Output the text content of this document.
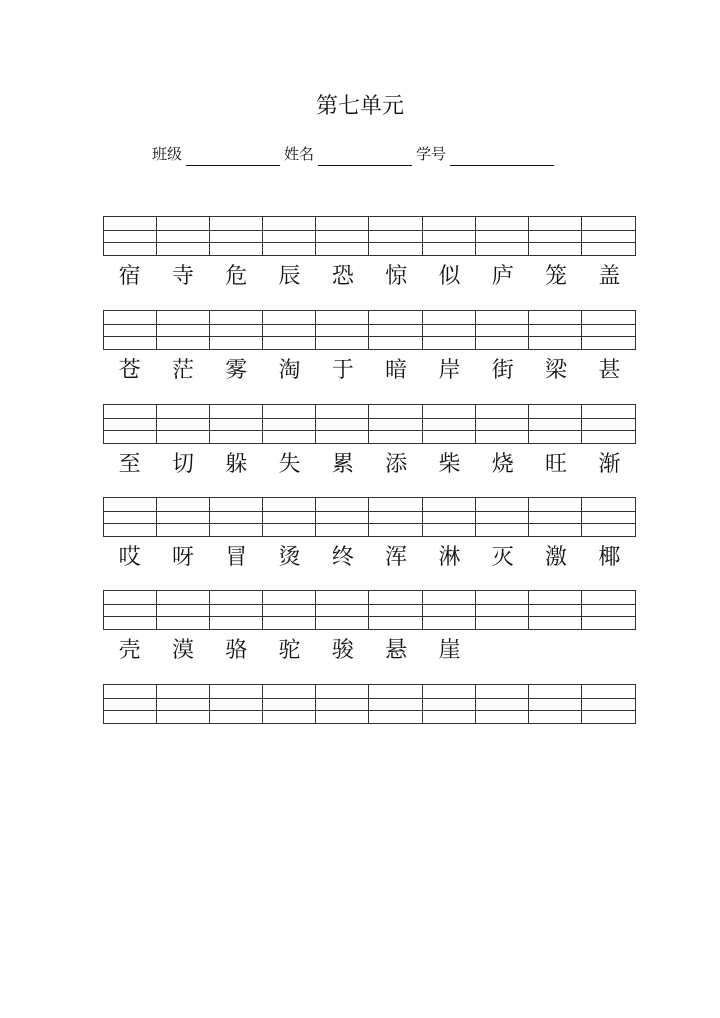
第七单元
班级	姓名	学号
宿	寺	危	辰	恐	惊	似	庐	笼	盖
苍	茫	雾	淘	于	暗	岸	街	梁	甚
至	切	躲	失	累	添	柴	烧	旺	渐
哎	呀	冒	烫	终	浑	淋	灭	激	椰
壳	漠	骆	驼	骏	悬	崖
